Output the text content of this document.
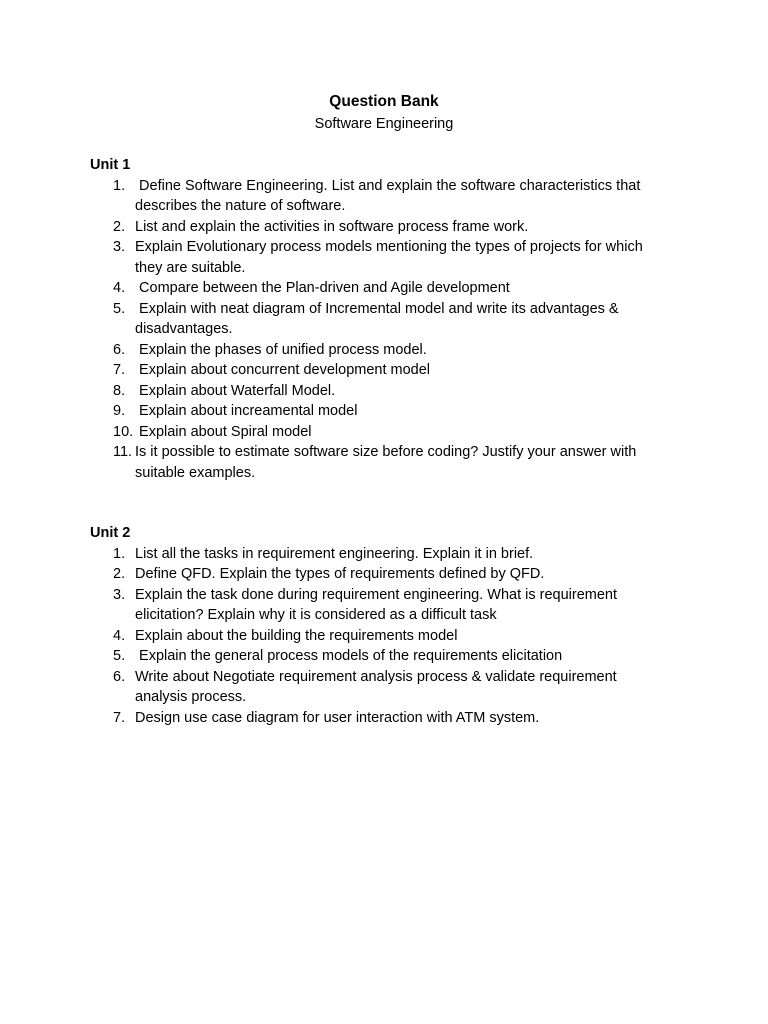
Question Bank
Software Engineering
Unit 1
1. Define Software Engineering. List and explain the software characteristics that describes the nature of software.
2. List and explain the activities in software process frame work.
3. Explain Evolutionary process models mentioning the types of projects for which they are suitable.
4. Compare between the Plan-driven and Agile development
5. Explain with neat diagram of Incremental model and write its advantages & disadvantages.
6. Explain the phases of unified process model.
7. Explain about concurrent development model
8. Explain about Waterfall Model.
9. Explain about increamental model
10. Explain about Spiral model
11. Is it possible to estimate software size before coding? Justify your answer with suitable examples.
Unit 2
1. List all the tasks in requirement engineering. Explain it in brief.
2. Define QFD. Explain the types of requirements defined by QFD.
3. Explain the task done during requirement engineering. What is requirement elicitation? Explain why it is considered as a difficult task
4. Explain about the building the requirements model
5. Explain the general process models of the requirements elicitation
6. Write about Negotiate requirement analysis process & validate requirement analysis process.
7. Design use case diagram for user interaction with ATM system.
